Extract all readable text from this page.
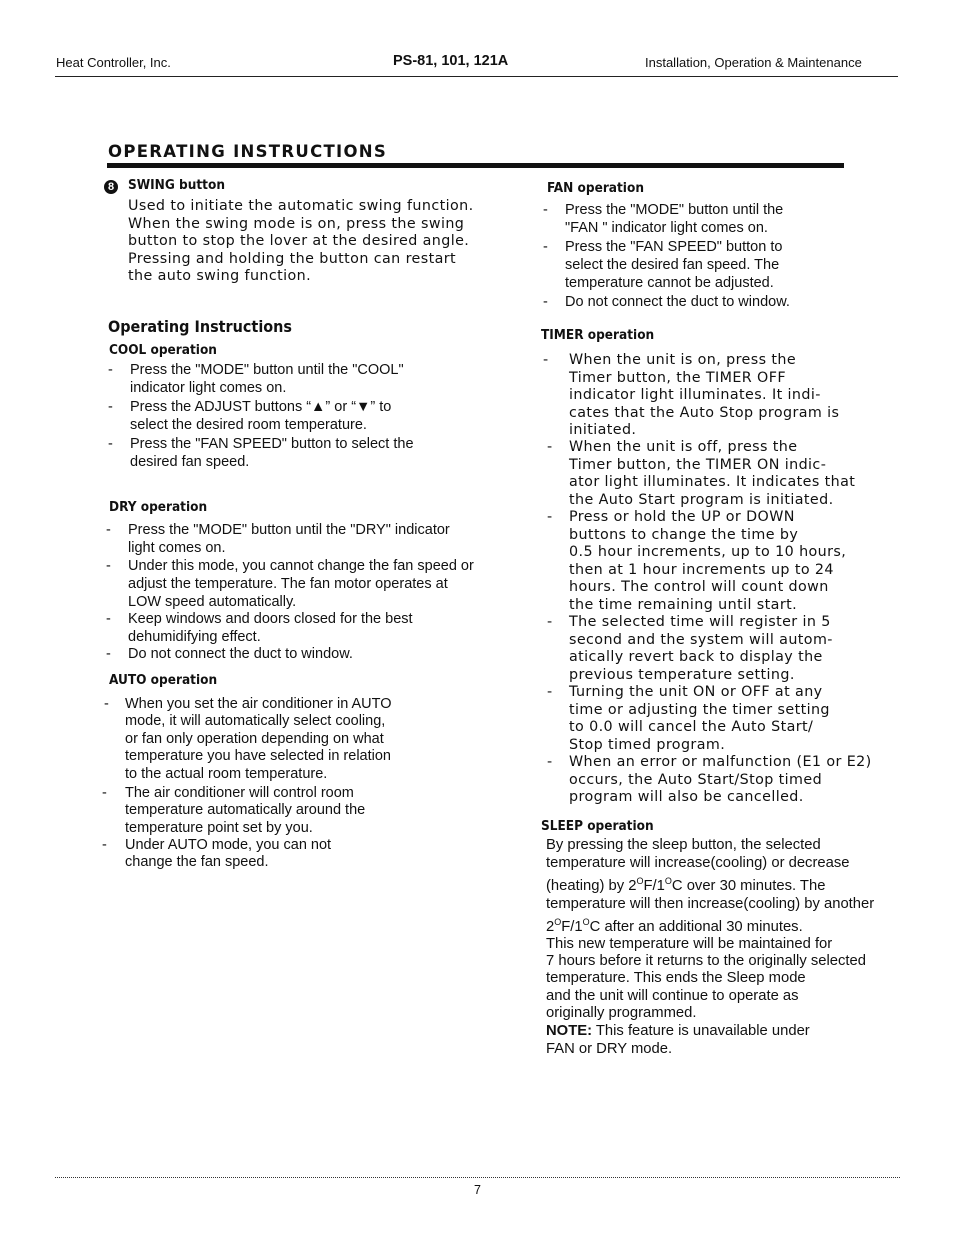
Heat Controller, Inc.	PS-81, 101, 121A	Installation, Operation & Maintenance
OPERATING INSTRUCTIONS
8 SWING button
Used to initiate the automatic swing function.
When the swing mode is on, press the swing
button to stop the lover at the desired angle.
Pressing and holding the button can restart
the auto swing function.
Operating Instructions
COOL operation
- Press the "MODE" button until the "COOL"
indicator light comes on.
- Press the ADJUST buttons “▲” or “▼” to
select the desired room temperature.
- Press the "FAN SPEED" button to select the
desired fan speed.
DRY operation
- Press the "MODE" button until the "DRY" indicator
light comes on.
- Under this mode, you cannot change the fan speed or
adjust the temperature. The fan motor operates at
LOW speed automatically.
- Keep windows and doors closed for the best
dehumidifying effect.
- Do not connect the duct to window.
AUTO operation
- When you set the air conditioner in AUTO
mode, it will automatically select cooling,
or fan only operation depending on what
temperature you have selected in relation
to the actual room temperature.
- The air conditioner will control room
temperature automatically around the
temperature point set by you.
- Under AUTO mode, you can not
change the fan speed.
FAN operation
- Press the "MODE" button until the
"FAN " indicator light comes on.
- Press the "FAN SPEED" button to
select the desired fan speed. The
temperature cannot be adjusted.
- Do not connect the duct to window.
TIMER operation
- When the unit is on, press the
Timer button, the TIMER OFF
indicator light illuminates. It indi-
cates that the Auto Stop program is
initiated.
- When the unit is off, press the
Timer button, the TIMER ON indic-
ator light illuminates. It indicates that
the Auto Start program is initiated.
- Press or hold the UP or DOWN
buttons to change the time by
0.5 hour increments, up to 10 hours,
then at 1 hour increments up to 24
hours. The control will count down
the time remaining until start.
- The selected time will register in 5
second and the system will autom-
atically revert back to display the
previous temperature setting.
- Turning the unit ON or OFF at any
time or adjusting the timer setting
to 0.0 will cancel the Auto Start/
Stop timed program.
- When an error or malfunction (E1 or E2)
occurs, the Auto Start/Stop timed
program will also be cancelled.
SLEEP operation
By pressing the sleep button, the selected
temperature will increase(cooling) or decrease
(heating) by $2^OF/1^OC$ over 30 minutes. The
temperature will then increase(cooling) by another
$2^OF/1^OC$ after an additional 30 minutes.
This new temperature will be maintained for
7 hours before it returns to the originally selected
temperature. This ends the Sleep mode
and the unit will continue to operate as
originally programmed.
NOTE: This feature is unavailable under
FAN or DRY mode.
7
